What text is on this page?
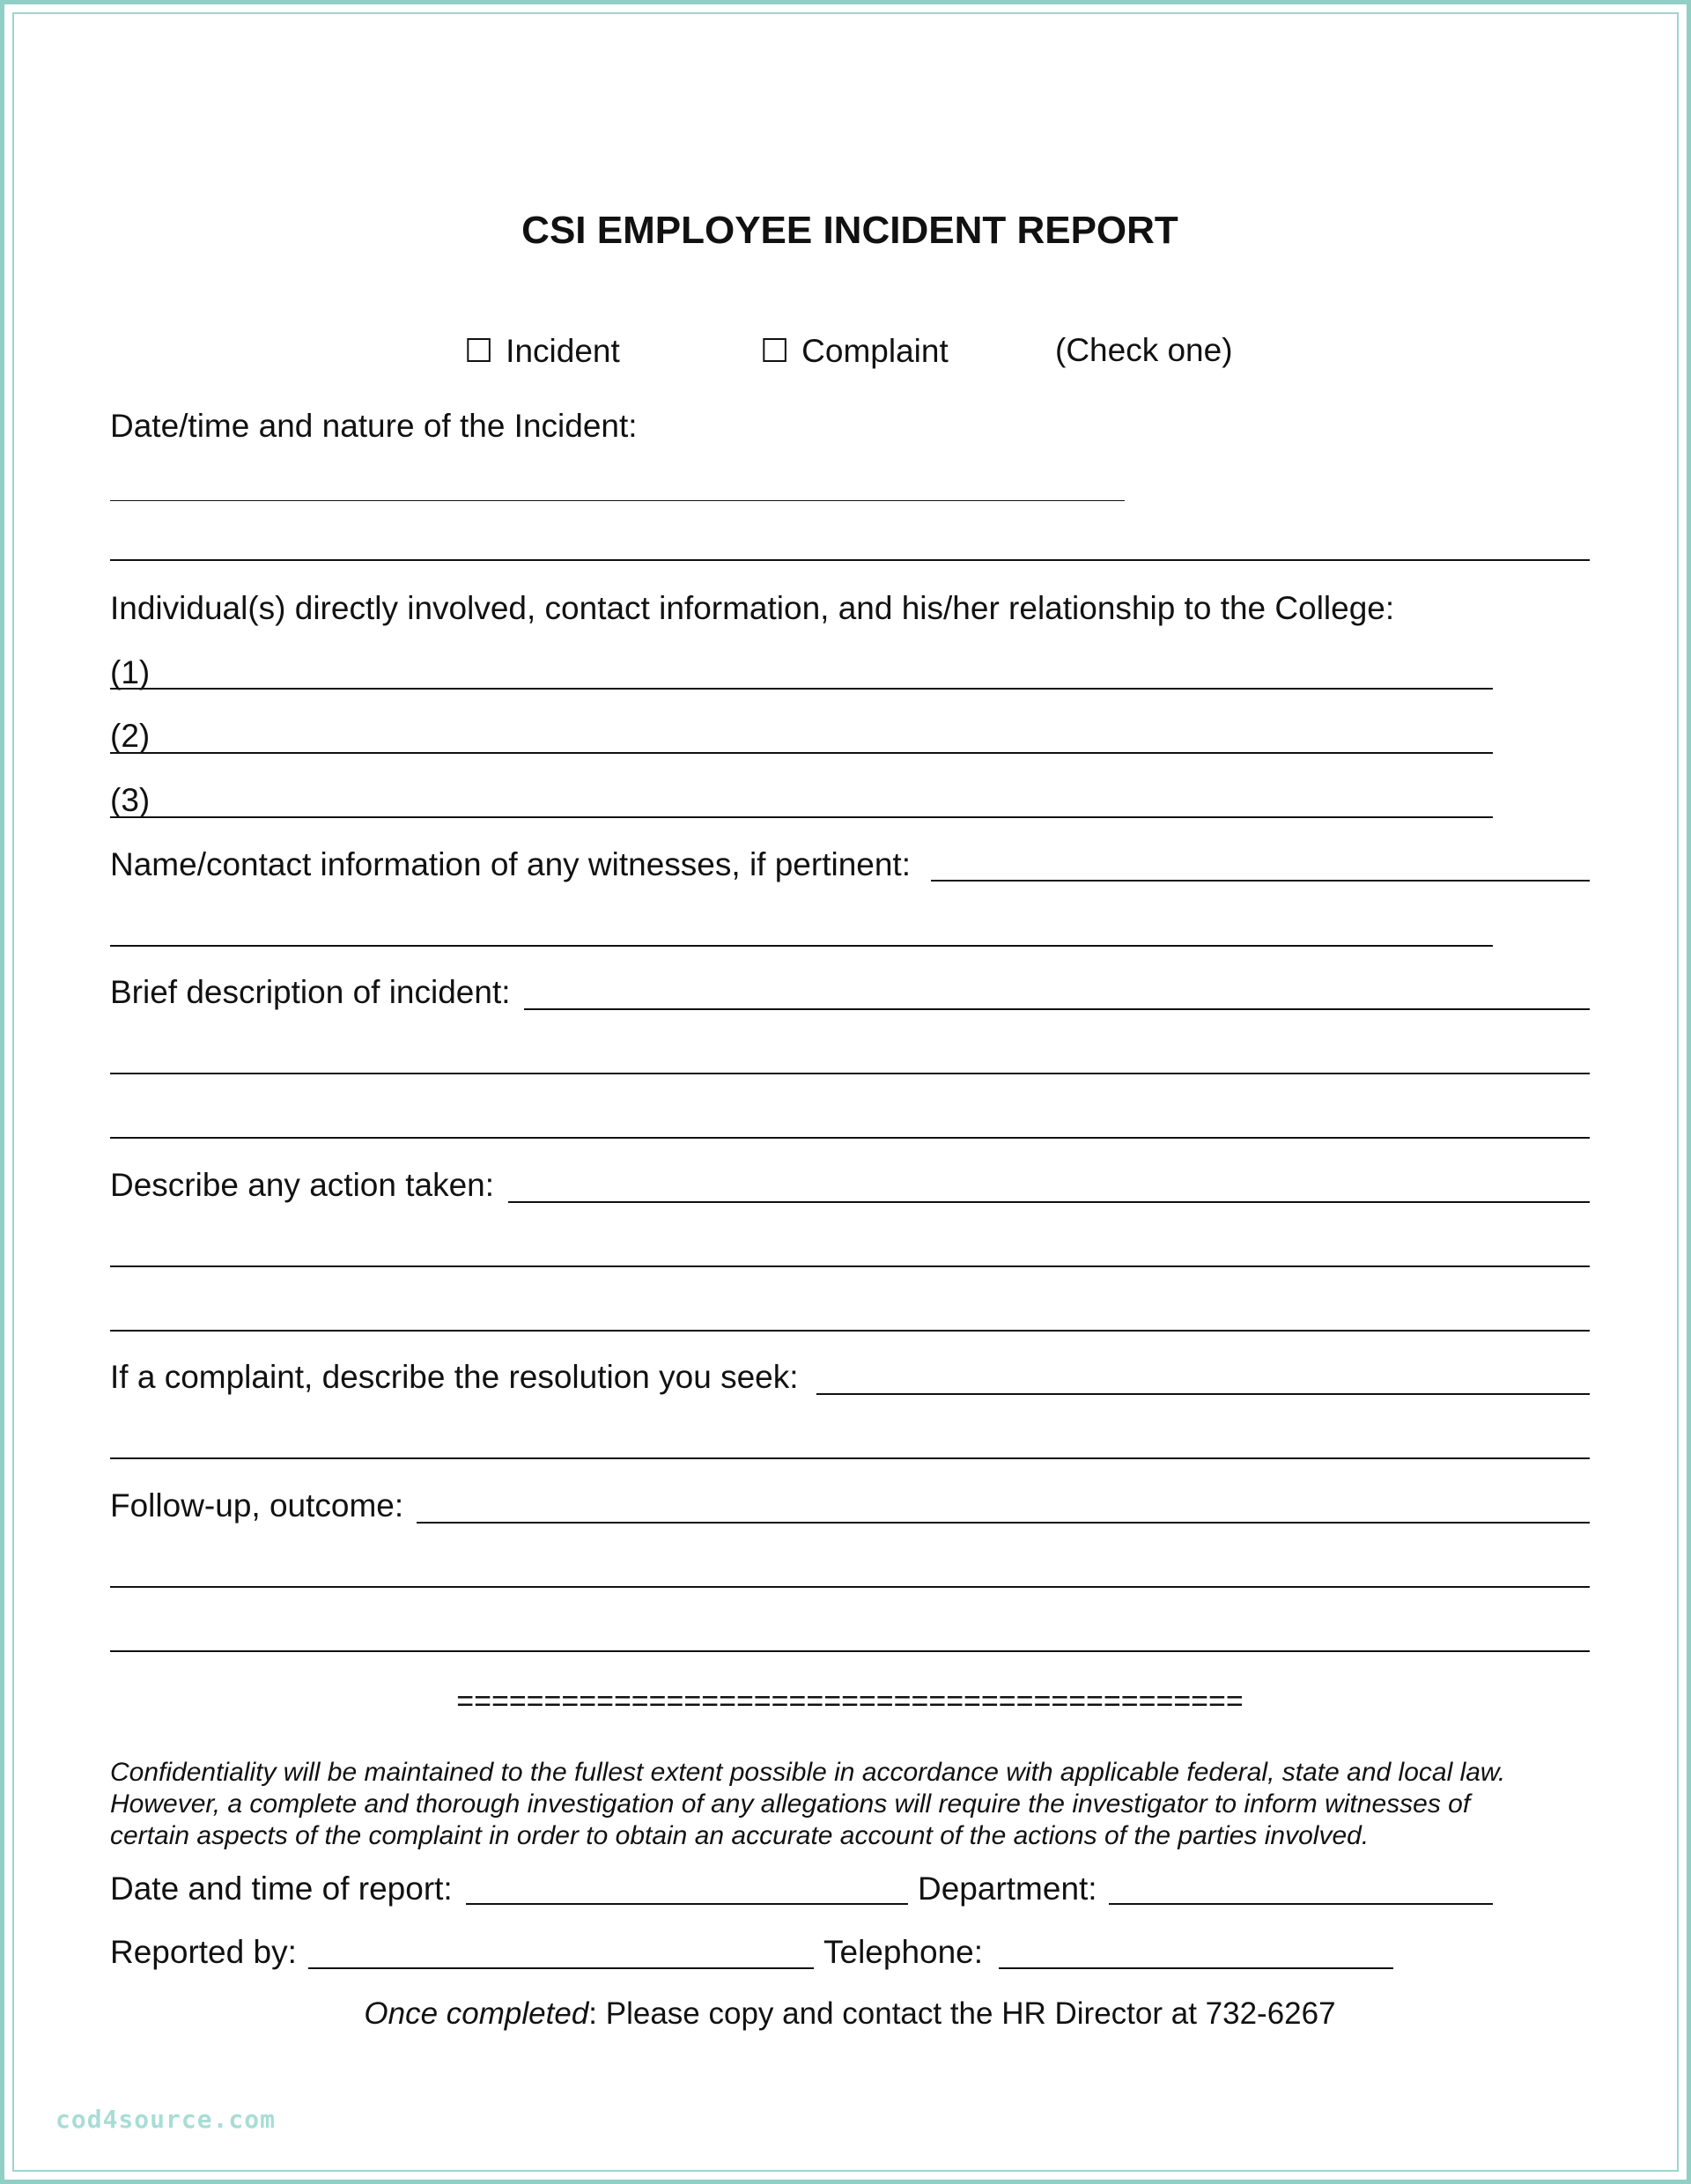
CSI EMPLOYEE INCIDENT REPORT
☐ Incident	☐ Complaint	(Check one)
Date/time and nature of the Incident:
Individual(s) directly involved, contact information, and his/her relationship to the College:
(1)
(2)
(3)
Name/contact information of any witnesses, if pertinent:
Brief description of incident:
Describe any action taken:
If a complaint, describe the resolution you seek:
Follow-up, outcome:
=============================================
Confidentiality will be maintained to the fullest extent possible in accordance with applicable federal, state and local law.
However, a complete and thorough investigation of any allegations will require the investigator to inform witnesses of
certain aspects of the complaint in order to obtain an accurate account of the actions of the parties involved.
Date and time of report:	Department:
Reported by:	Telephone:
Once completed: Please copy and contact the HR Director at 732-6267
cod4source.com
